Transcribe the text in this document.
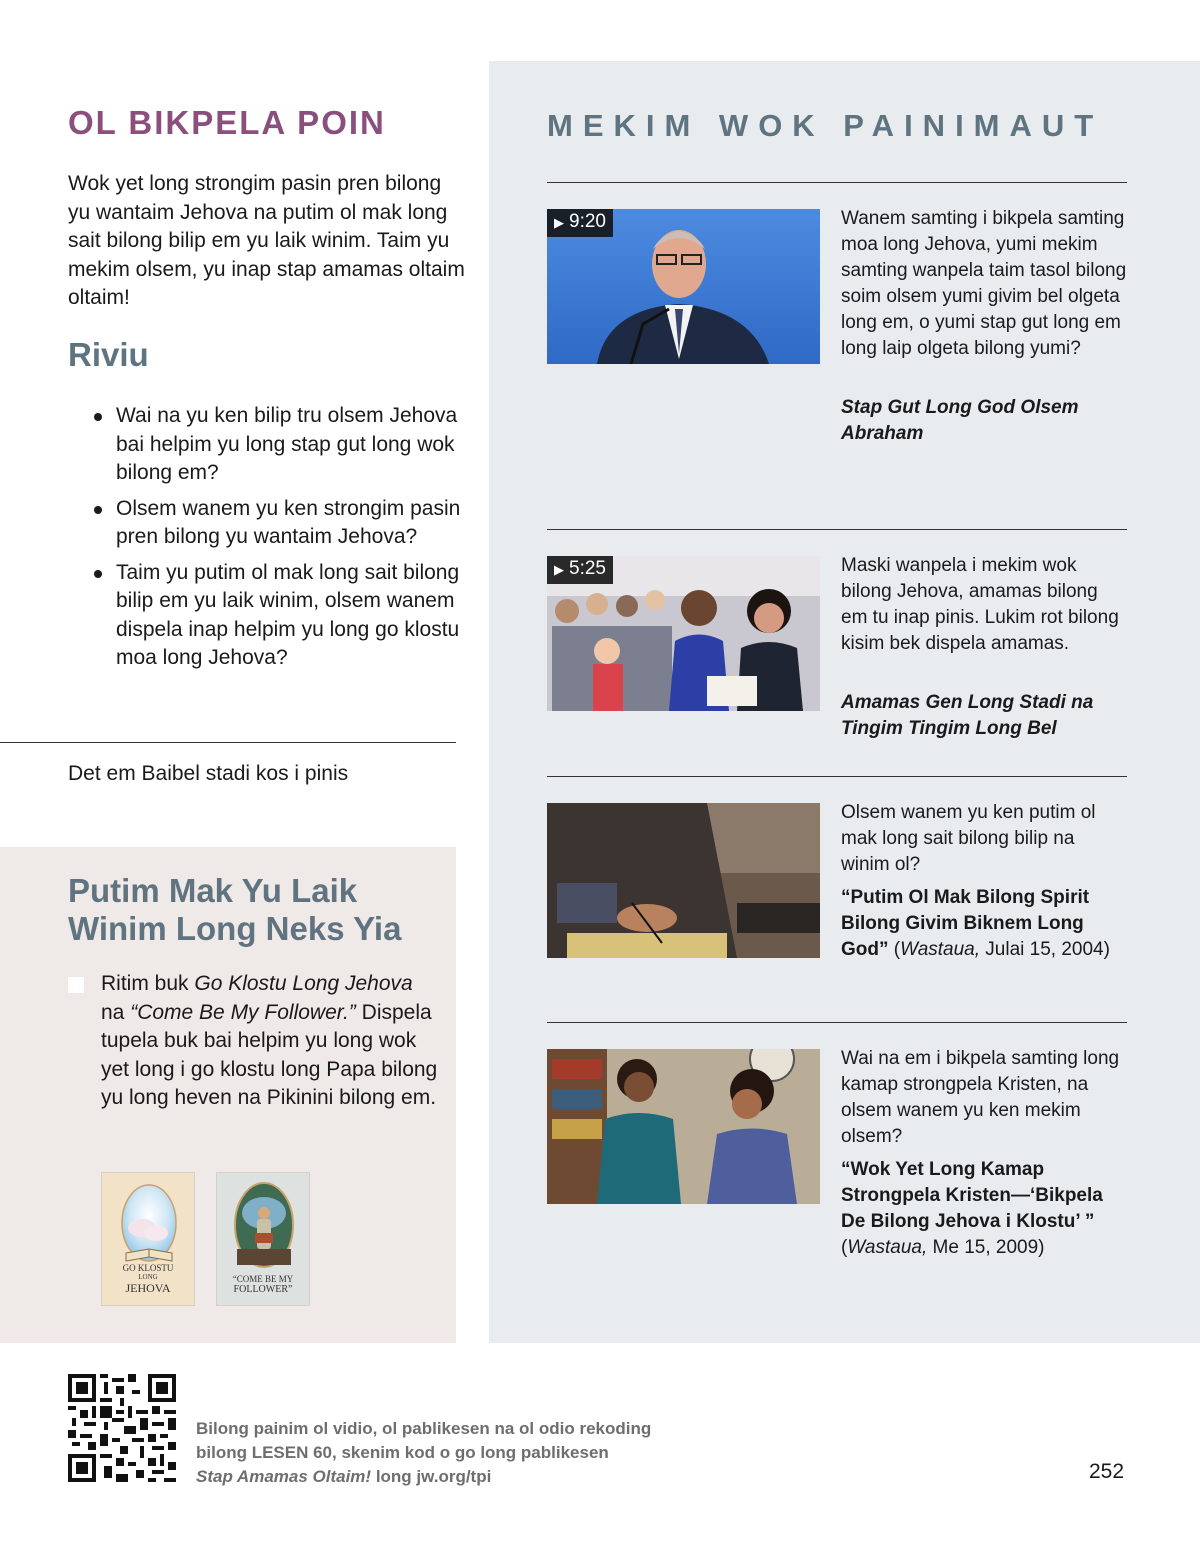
OL BIKPELA POIN

Wok yet long strongim pasin pren bilong yu wantaim Jehova na putim ol mak long sait bilong bilip em yu laik winim. Taim yu mekim olsem, yu inap stap amamas oltaim oltaim!

Riviu
Wai na yu ken bilip tru olsem Jehova bai helpim yu long stap gut long wok bilong em?
Olsem wanem yu ken strongim pasin pren bilong yu wantaim Jehova?
Taim yu putim ol mak long sait bilong bilip em yu laik winim, olsem wanem dispela inap helpim yu long go klostu moa long Jehova?

Det em Baibel stadi kos i pinis

Putim Mak Yu Laik Winim Long Neks Yia

Ritim buk Go Klostu Long Jehova na “Come Be My Follower.” Dispela tupela buk bai helpim yu long wok yet long i go klostu long Papa bilong yu long heven na Pikinini bilong em.

GO KLOSTU
LONG
JEHOVA
“COME BE MY
FOLLOWER”
MEKIM WOK PAINIMAUT
▶ 9:20	Wanem samting i bikpela samting moa long Jehova, yumi mekim samting wanpela taim tasol bilong soim olsem yumi givim bel olgeta long em, o yumi stap gut long em long laip olgeta bilong yumi?

Stap Gut Long God Olsem Abraham

▶ 5:25	Maski wanpela i mekim wok bilong Jehova, amamas bilong em tu inap pinis. Lukim rot bilong kisim bek dispela amamas.

Amamas Gen Long Stadi na Tingim Tingim Long Bel

Olsem wanem yu ken putim ol mak long sait bilong bilip na winim ol?

“Putim Ol Mak Bilong Spirit Bilong Givim Biknem Long God” (Wastaua, Julai 15, 2004)

Wai na em i bikpela samting long kamap strongpela Kristen, na olsem wanem yu ken mekim olsem?

“Wok Yet Long Kamap Strongpela Kristen—‘Bikpela De Bilong Jehova i Klostu’ ”
(Wastaua, Me 15, 2009)

Bilong painim ol vidio, ol pablikesen na ol odio rekoding
bilong LESEN 60, skenim kod o go long pablikesen
Stap Amamas Oltaim! long jw.org/tpi	252
